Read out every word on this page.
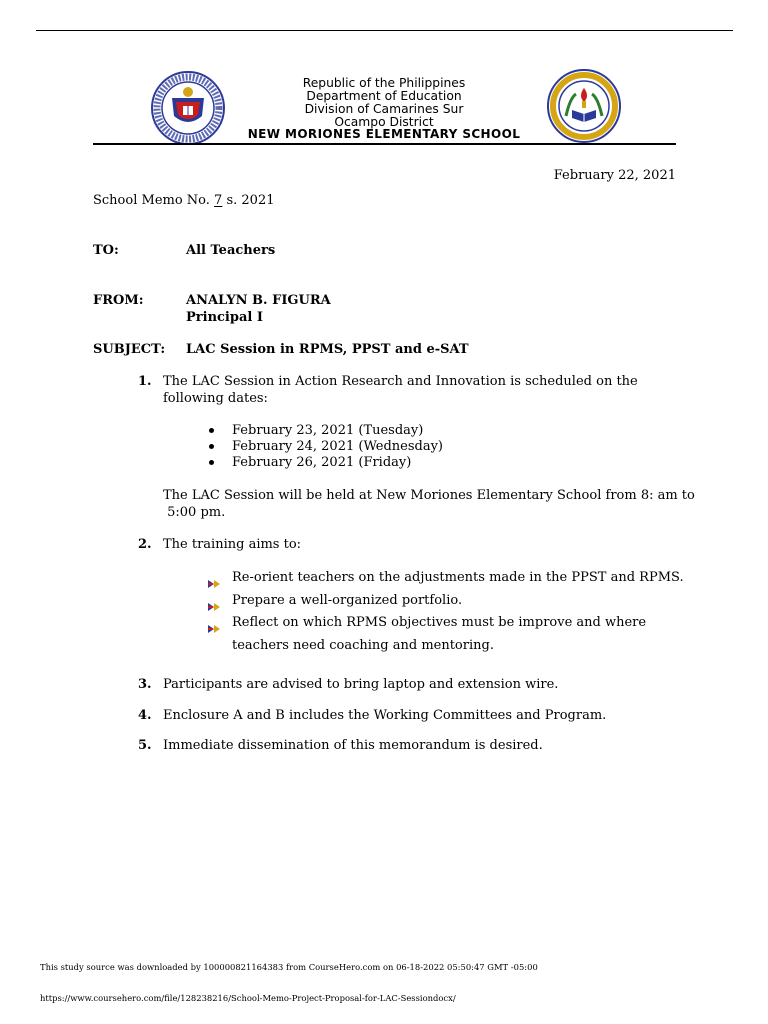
Republic of the Philippines
Department of Education
Division of Camarines Sur
Ocampo District
NEW MORIONES ELEMENTARY SCHOOL
February 22, 2021
School Memo No. 7 s. 2021
TO:	All Teachers
FROM:	ANALYN B. FIGURA
Principal I
SUBJECT: LAC Session in RPMS, PPST and e-SAT
1. The LAC Session in Action Research and Innovation is scheduled on the
following dates:
February 23, 2021 (Tuesday)
February 24, 2021 (Wednesday)
February 26, 2021 (Friday)
The LAC Session will be held at New Moriones Elementary School from 8: am to
5:00 pm.
2. The training aims to:
Re-orient teachers on the adjustments made in the PPST and RPMS.
Prepare a well-organized portfolio.
Reflect on which RPMS objectives must be improve and where
teachers need coaching and mentoring.
3. Participants are advised to bring laptop and extension wire.
4. Enclosure A and B includes the Working Committees and Program.
5. Immediate dissemination of this memorandum is desired.
This study source was downloaded by 100000821164383 from CourseHero.com on 06-18-2022 05:50:47 GMT -05:00
https://www.coursehero.com/file/128238216/School-Memo-Project-Proposal-for-LAC-Sessiondocx/
